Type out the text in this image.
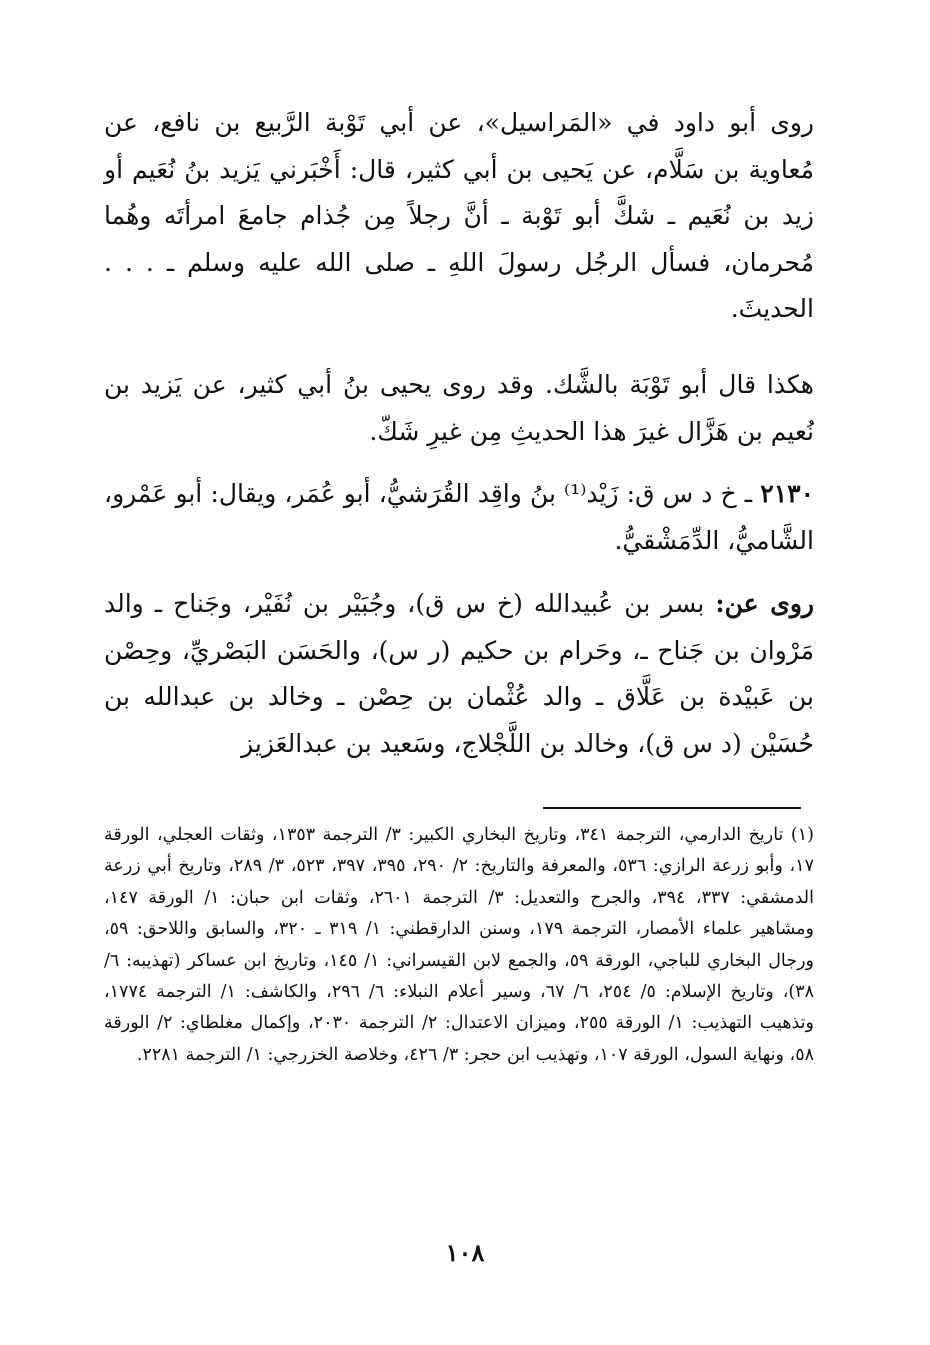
روى أبو داود في «المَراسيل»، عن أبي تَوْبة الرَّبيع بن نافع، عن مُعاوية بن سَلَّام، عن يَحيى بن أبي كثير، قال: أَخْبَرني يَزيد بنُ نُعَيم أو زيد بن نُعَيم ـ شكَّ أبو تَوْبة ـ أنَّ رجلاً مِن جُذام جامعَ امرأتَه وهُما مُحرمان، فسأل الرجُل رسولَ اللهِ ـ صلى الله عليه وسلم ـ . . . الحديثَ.

هكذا قال أبو تَوْبَة بالشَّك. وقد روى يحيى بنُ أبي كثير، عن يَزيد بن نُعيم بن هَزَّال غيرَ هذا الحديثِ مِن غيرِ شَكّ.

٢١٣٠ ـ خ د س ق: زَيْد⁽¹⁾ بنُ واقِد القُرَشيُّ، أبو عُمَر، ويقال: أبو عَمْرو، الشَّاميُّ، الدِّمَشْقيُّ.

روى عن: بسر بن عُبيدالله (خ س ق)، وجُبَيْر بن نُفَيْر، وجَناح ـ والد مَرْوان بن جَناح ـ، وحَرام بن حكيم (ر س)، والحَسَن البَصْريِّ، وحِصْن بن عَبيْدة بن عَلَّاق ـ والد عُثْمان بن حِصْن ـ وخالد بن عبدالله بن حُسَيْن (د س ق)، وخالد بن اللَّجْلاج، وسَعيد بن عبدالعَزيز

(١) تاريخ الدارمي، الترجمة ٣٤١، وتاريخ البخاري الكبير: ٣/ الترجمة ١٣٥٣، وثقات العجلي، الورقة ١٧، وأبو زرعة الرازي: ٥٣٦، والمعرفة والتاريخ: ٢/ ٢٩٠، ٣٩٥، ٣٩٧، ٥٢٣، ٣/ ٢٨٩، وتاريخ أبي زرعة الدمشقي: ٣٣٧، ٣٩٤، والجرح والتعديل: ٣/ الترجمة ٢٦٠١، وثقات ابن حبان: ١/ الورقة ١٤٧، ومشاهير علماء الأمصار، الترجمة ١٧٩، وسنن الدارقطني: ١/ ٣١٩ ـ ٣٢٠، والسابق واللاحق: ٥٩، ورجال البخاري للباجي، الورقة ٥٩، والجمع لابن القيسراني: ١/ ١٤٥، وتاريخ ابن عساكر (تهذيبه: ٦/ ٣٨)، وتاريخ الإسلام: ٥/ ٢٥٤، ٦/ ٦٧، وسير أعلام النبلاء: ٦/ ٢٩٦، والكاشف: ١/ الترجمة ١٧٧٤، وتذهيب التهذيب: ١/ الورقة ٢٥٥، وميزان الاعتدال: ٢/ الترجمة ٢٠٣٠، وإكمال مغلطاي: ٢/ الورقة ٥٨، ونهاية السول، الورقة ١٠٧، وتهذيب ابن حجر: ٣/ ٤٢٦، وخلاصة الخزرجي: ١/ الترجمة ٢٢٨١.

١٠٨
